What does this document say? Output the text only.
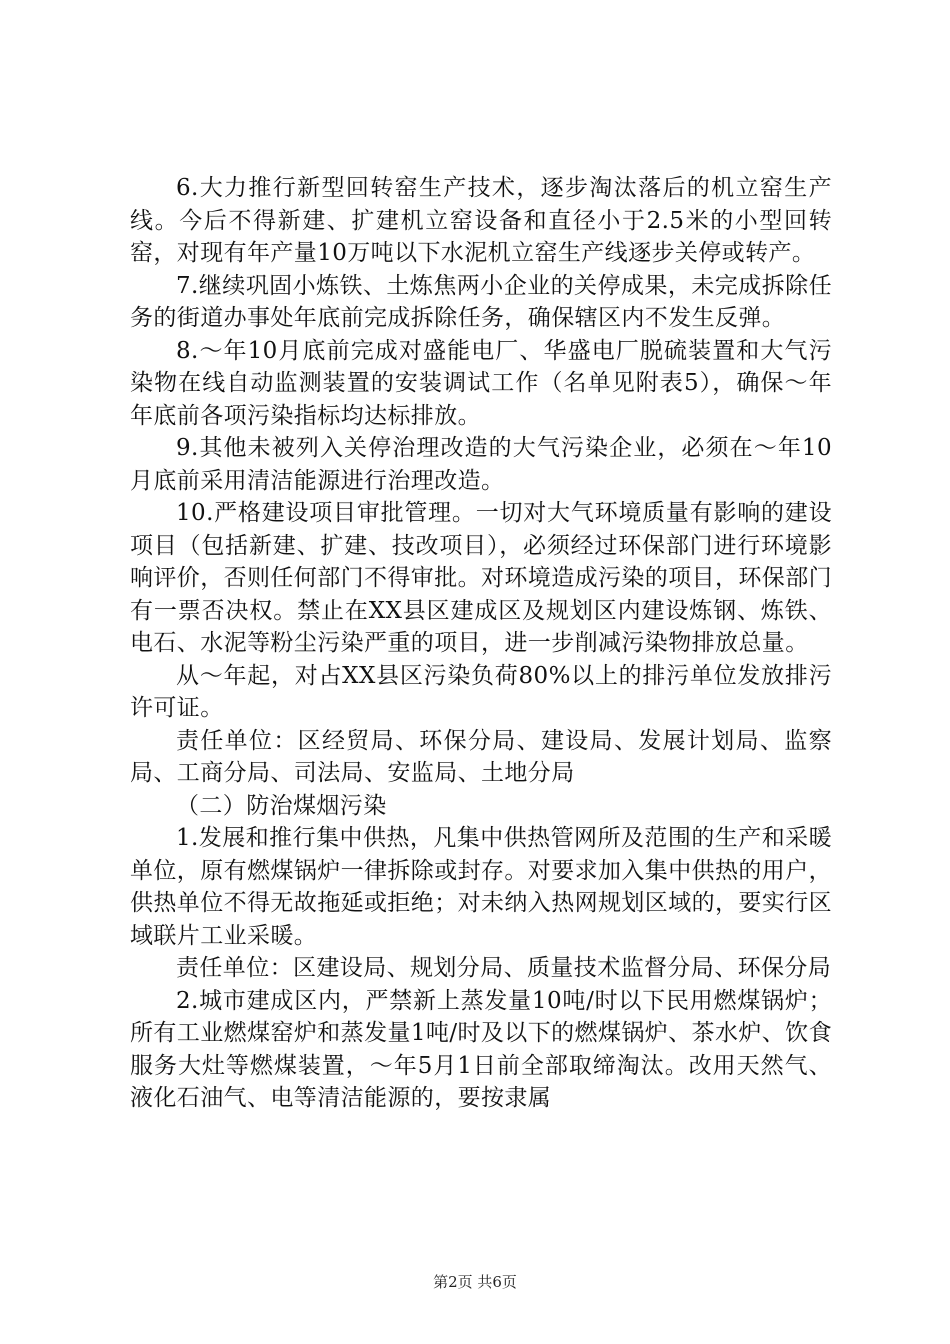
6.大力推行新型回转窑生产技术，逐步淘汰落后的机立窑生产线。今后不得新建、扩建机立窑设备和直径小于2.5米的小型回转窑，对现有年产量10万吨以下水泥机立窑生产线逐步关停或转产。

7.继续巩固小炼铁、土炼焦两小企业的关停成果，未完成拆除任务的街道办事处年底前完成拆除任务，确保辖区内不发生反弹。

8.～年10月底前完成对盛能电厂、华盛电厂脱硫装置和大气污染物在线自动监测装置的安装调试工作（名单见附表5），确保～年年底前各项污染指标均达标排放。

9.其他未被列入关停治理改造的大气污染企业，必须在～年10月底前采用清洁能源进行治理改造。

10.严格建设项目审批管理。一切对大气环境质量有影响的建设项目（包括新建、扩建、技改项目），必须经过环保部门进行环境影响评价，否则任何部门不得审批。对环境造成污染的项目，环保部门有一票否决权。禁止在XX县区建成区及规划区内建设炼钢、炼铁、电石、水泥等粉尘污染严重的项目，进一步削减污染物排放总量。

从～年起，对占XX县区污染负荷80%以上的排污单位发放排污许可证。

责任单位：区经贸局、环保分局、建设局、发展计划局、监察局、工商分局、司法局、安监局、土地分局

（二）防治煤烟污染

1.发展和推行集中供热，凡集中供热管网所及范围的生产和采暖单位，原有燃煤锅炉一律拆除或封存。对要求加入集中供热的用户，供热单位不得无故拖延或拒绝；对未纳入热网规划区域的，要实行区域联片工业采暖。

责任单位：区建设局、规划分局、质量技术监督分局、环保分局

2.城市建成区内，严禁新上蒸发量10吨/时以下民用燃煤锅炉；所有工业燃煤窑炉和蒸发量1吨/时及以下的燃煤锅炉、茶水炉、饮食服务大灶等燃煤装置，～年5月1日前全部取缔淘汰。改用天然气、液化石油气、电等清洁能源的，要按隶属

第2页 共6页
